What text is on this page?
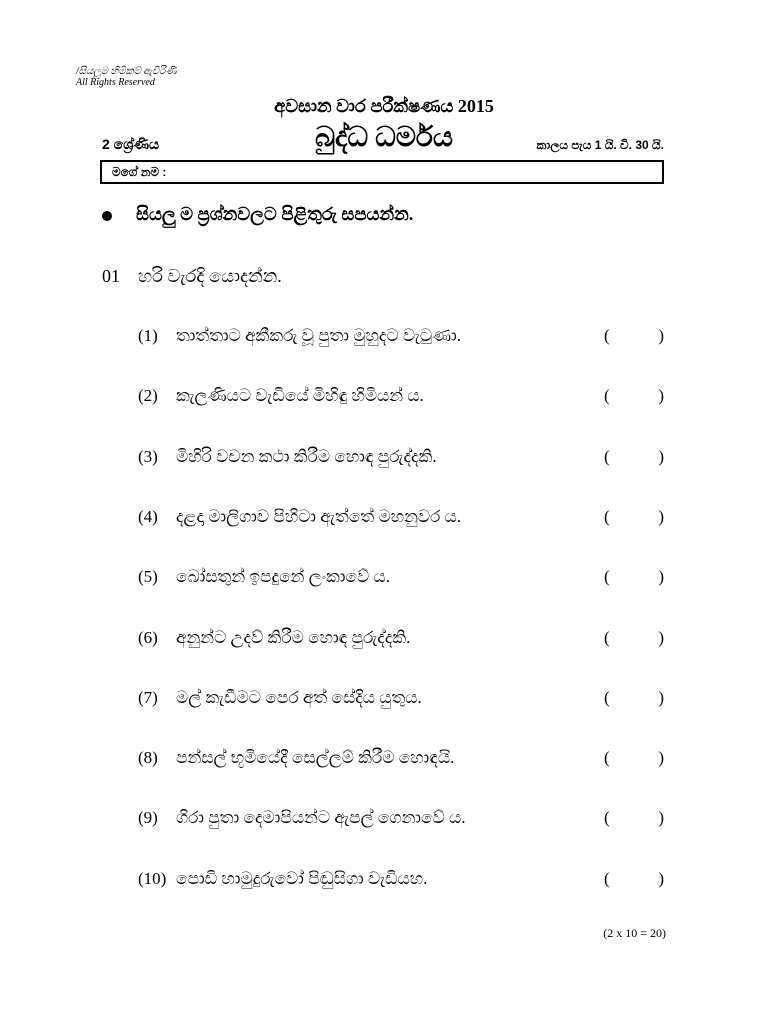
/සියලුම හිමිකම් ඇවිරිණි
All Rights Reserved
අවසාන වාර පරීක්ෂණය 2015
2 ශ්‍රේණිය	බුද්ධ ධර්මය	කාලය පැය 1 යි. වි. 30 යි.
මගේ නම :
සියලු ම ප්‍රශ්නවලට පිළිතුරු සපයන්න.
01 හරි වැරදි යොදන්න.
(1) තාත්තාට අකීකරු වූ පුතා මුහුදට වැටුණා.	(	)
(2) කැලණියට වැඩියේ මිහිඳු හිමියන් ය.	(	)
(3) මිහිරි වචන කථා කිරීම හොඳ පුරුද්දකි.	(	)
(4) දළදා මාලිගාව පිහිටා ඇත්තේ මහනුවර ය.	(	)
(5) බෝසතුන් ඉපදුනේ ලංකාවේ ය.	(	)
(6) අනුන්ට උදව් කිරීම හොඳ පුරුද්දකි.	(	)
(7) මල් කැඩීමට පෙර අත් සේදිය යුතුය.	(	)
(8) පන්සල් භූමියේදී සෙල්ලම් කිරීම හොඳයි.	(	)
(9) ගිරා පුතා දෙමාපියන්ට ඇපල් ගෙනාවේ ය.	(	)
(10) පොඩි හාමුදුරුවෝ පිඬුසිගා වැඩියහ.	(	)
(2 x 10 = 20)
